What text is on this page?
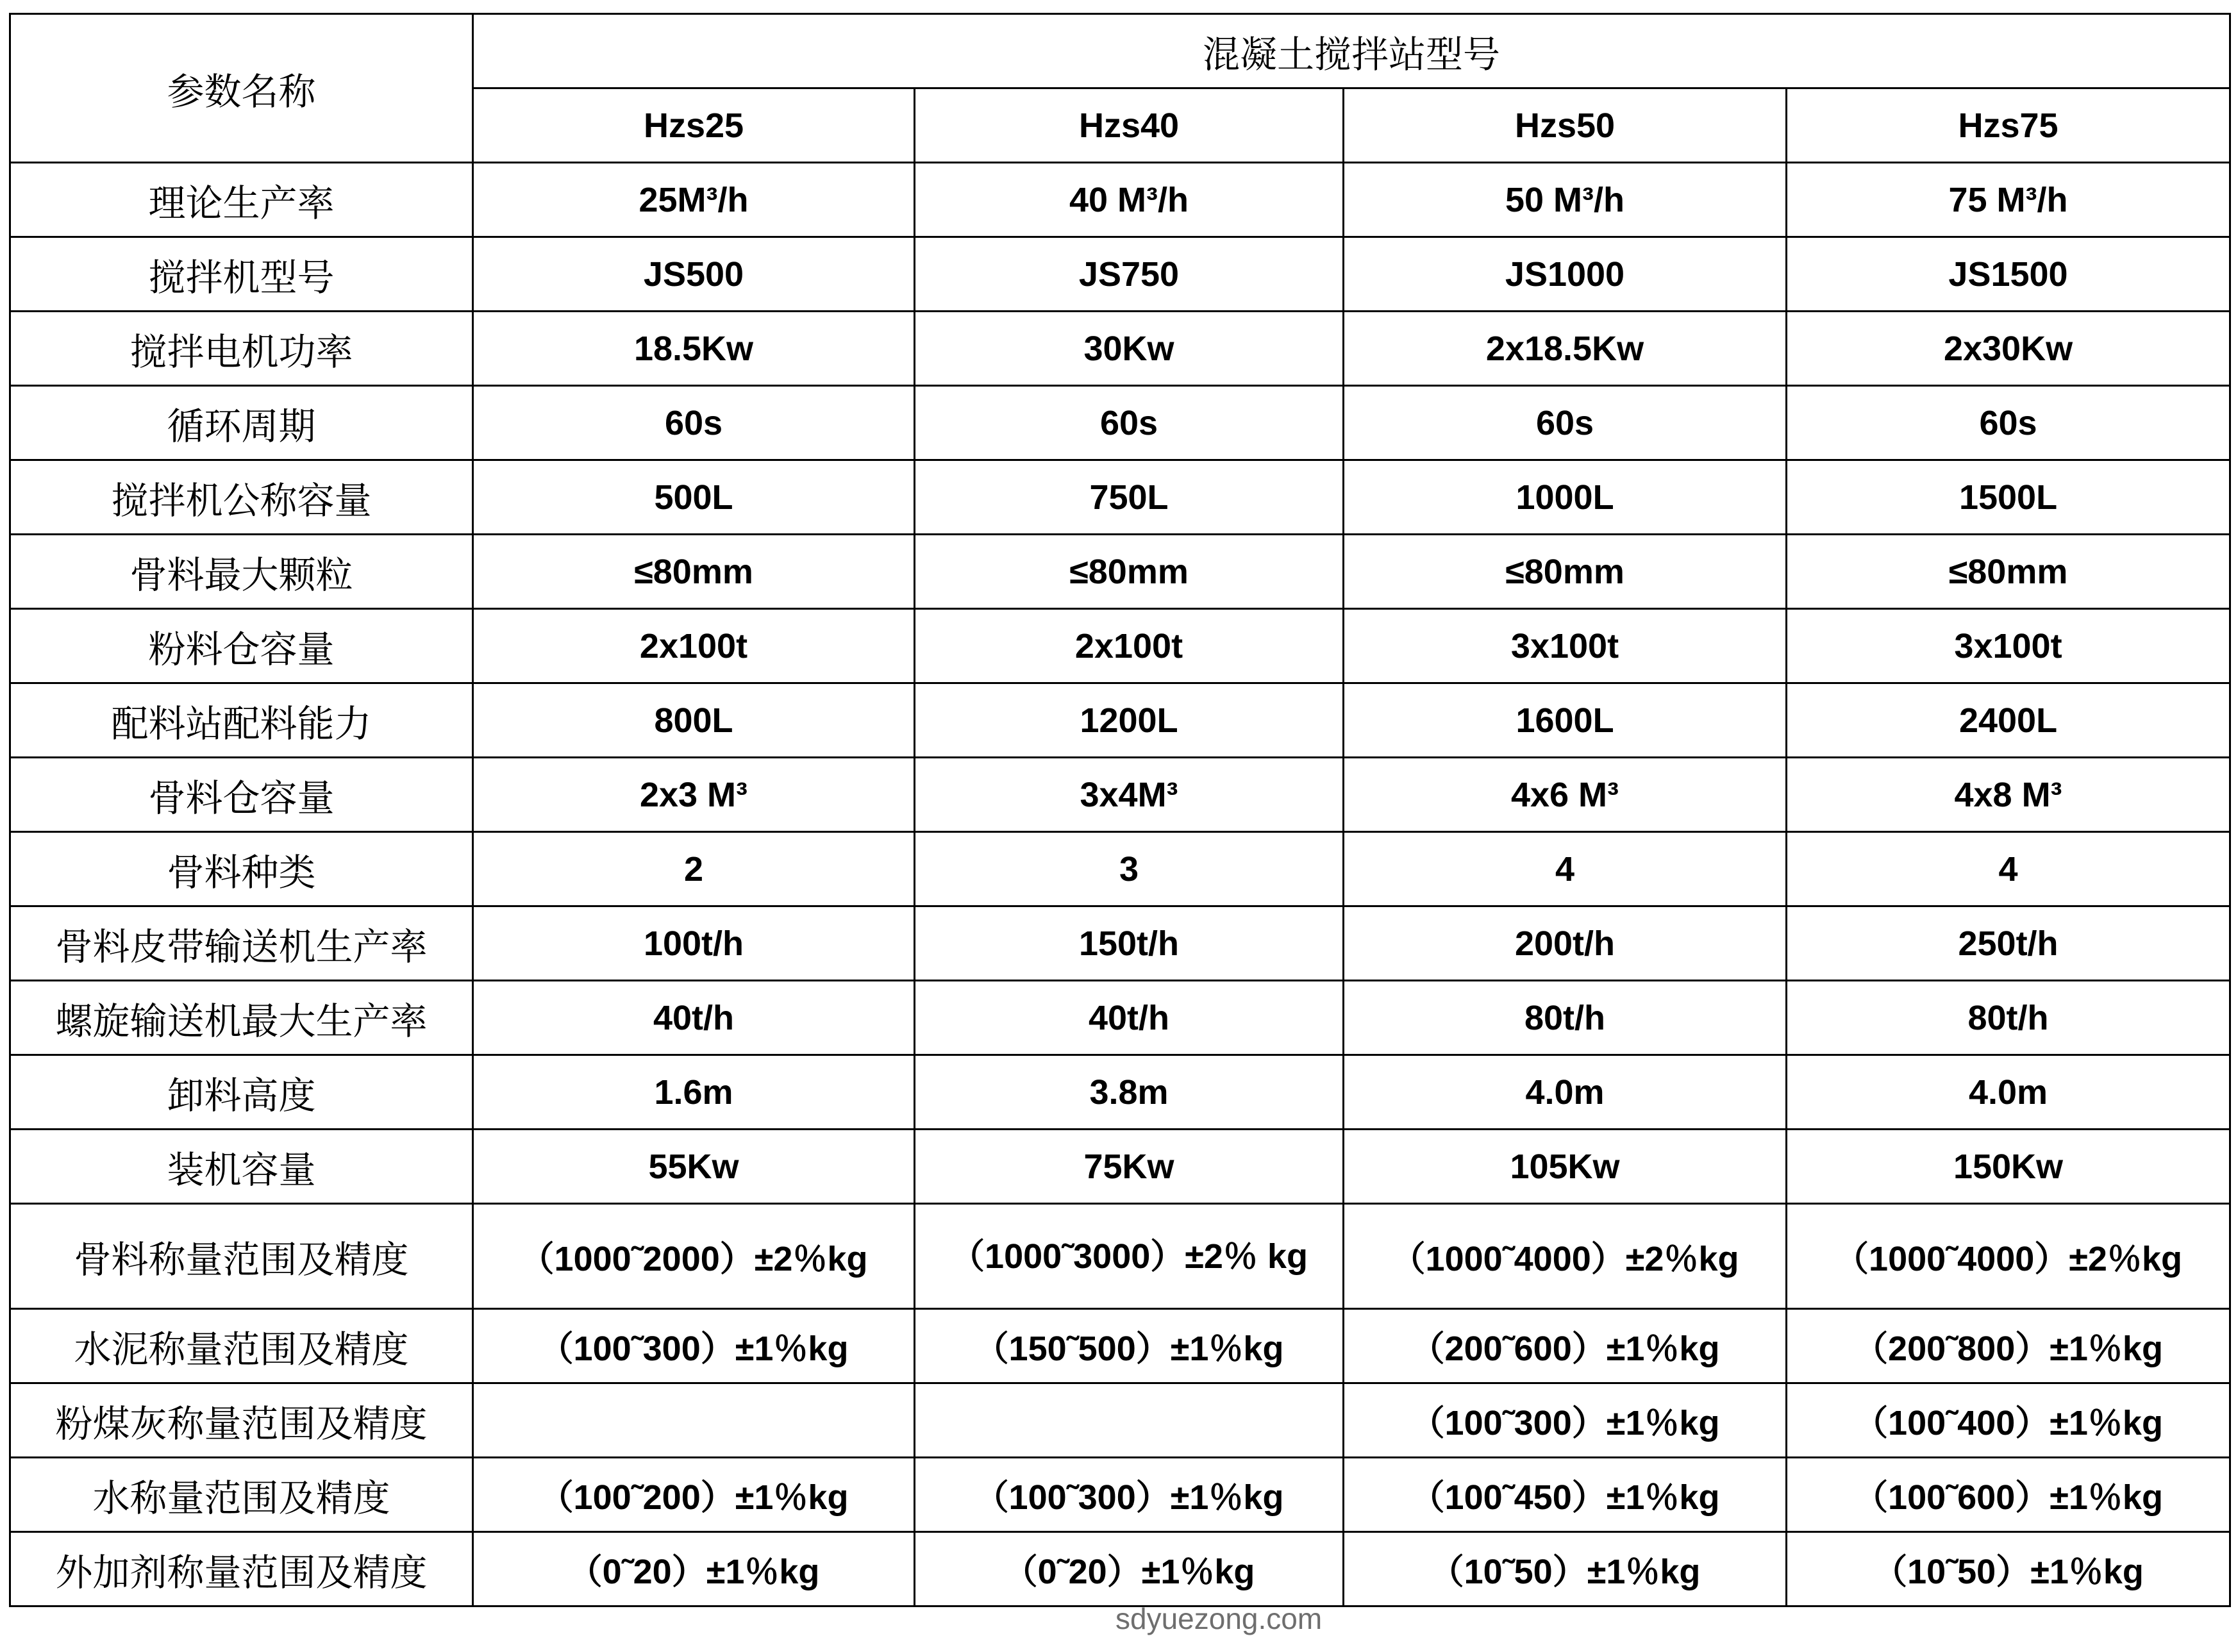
参数名称	混凝土搅拌站型号			
	Hzs25	Hzs40	Hzs50	Hzs75
理论生产率	25M³/h	40 M³/h	50 M³/h	75 M³/h
搅拌机型号	JS500	JS750	JS1000	JS1500
搅拌电机功率	18.5Kw	30Kw	2x18.5Kw	2x30Kw
循环周期	60s	60s	60s	60s
搅拌机公称容量	500L	750L	1000L	1500L
骨料最大颗粒	≤80mm	≤80mm	≤80mm	≤80mm
粉料仓容量	2x100t	2x100t	3x100t	3x100t
配料站配料能力	800L	1200L	1600L	2400L
骨料仓容量	2x3 M³	3x4M³	4x6 M³	4x8 M³
骨料种类	2	3	4	4
骨料皮带输送机生产率	100t/h	150t/h	200t/h	250t/h
螺旋输送机最大生产率	40t/h	40t/h	80t/h	80t/h
卸料高度	1.6m	3.8m	4.0m	4.0m
装机容量	55Kw	75Kw	105Kw	150Kw
骨料称量范围及精度	（1000˜2000）±2％kg	（1000˜3000）±2％ kg	（1000˜4000）±2％kg	（1000˜4000）±2％kg
水泥称量范围及精度	（100˜300）±1％kg	（150˜500）±1％kg	（200˜600）±1％kg	（200˜800）±1％kg
粉煤灰称量范围及精度			（100˜300）±1％kg	（100˜400）±1％kg
水称量范围及精度	（100˜200）±1％kg	（100˜300）±1％kg	（100˜450）±1％kg	（100˜600）±1％kg
外加剂称量范围及精度	（0˜20）±1％kg	（0˜20）±1％kg	（10˜50）±1％kg	（10˜50）±1％kg
sdyuezong.com
